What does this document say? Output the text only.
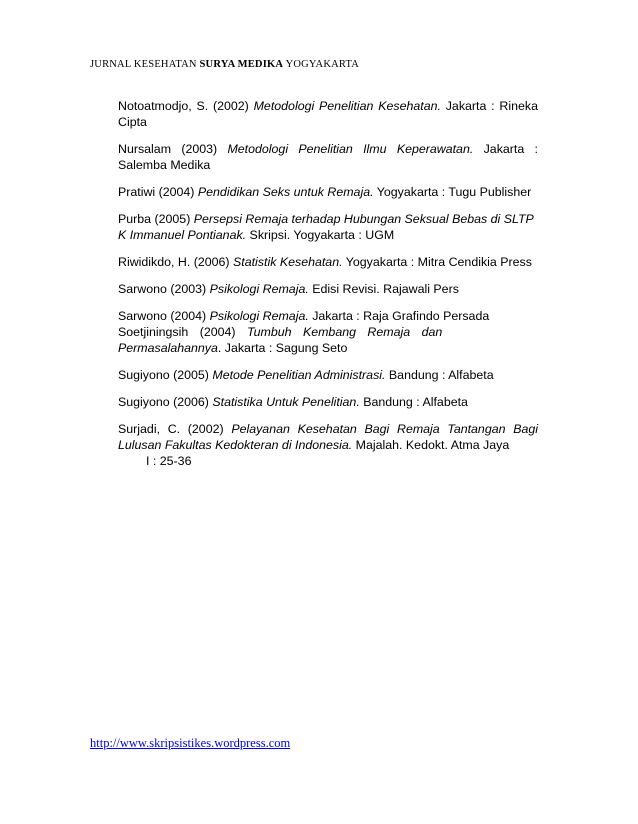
JURNAL KESEHATAN SURYA MEDIKA YOGYAKARTA

Notoatmodjo, S. (2002) Metodologi Penelitian Kesehatan. Jakarta : Rineka Cipta

Nursalam (2003) Metodologi Penelitian Ilmu Keperawatan. Jakarta : Salemba Medika

Pratiwi (2004) Pendidikan Seks untuk Remaja. Yogyakarta : Tugu Publisher

Purba (2005) Persepsi Remaja terhadap Hubungan Seksual Bebas di SLTP K Immanuel Pontianak. Skripsi. Yogyakarta : UGM

Riwidikdo, H. (2006) Statistik Kesehatan. Yogyakarta : Mitra Cendikia Press

Sarwono (2003) Psikologi Remaja. Edisi Revisi. Rajawali Pers

Sarwono (2004) Psikologi Remaja. Jakarta : Raja Grafindo Persada

Soetjiningsih (2004) Tumbuh Kembang Remaja dan Permasalahannya. Jakarta : Sagung Seto

Sugiyono (2005) Metode Penelitian Administrasi. Bandung : Alfabeta

Sugiyono (2006) Statistika Untuk Penelitian. Bandung : Alfabeta

Surjadi, C. (2002) Pelayanan Kesehatan Bagi Remaja Tantangan Bagi Lulusan Fakultas Kedokteran di Indonesia. Majalah. Kedokt. Atma Jaya
I : 25-36

http://www.skripsistikes.wordpress.com
